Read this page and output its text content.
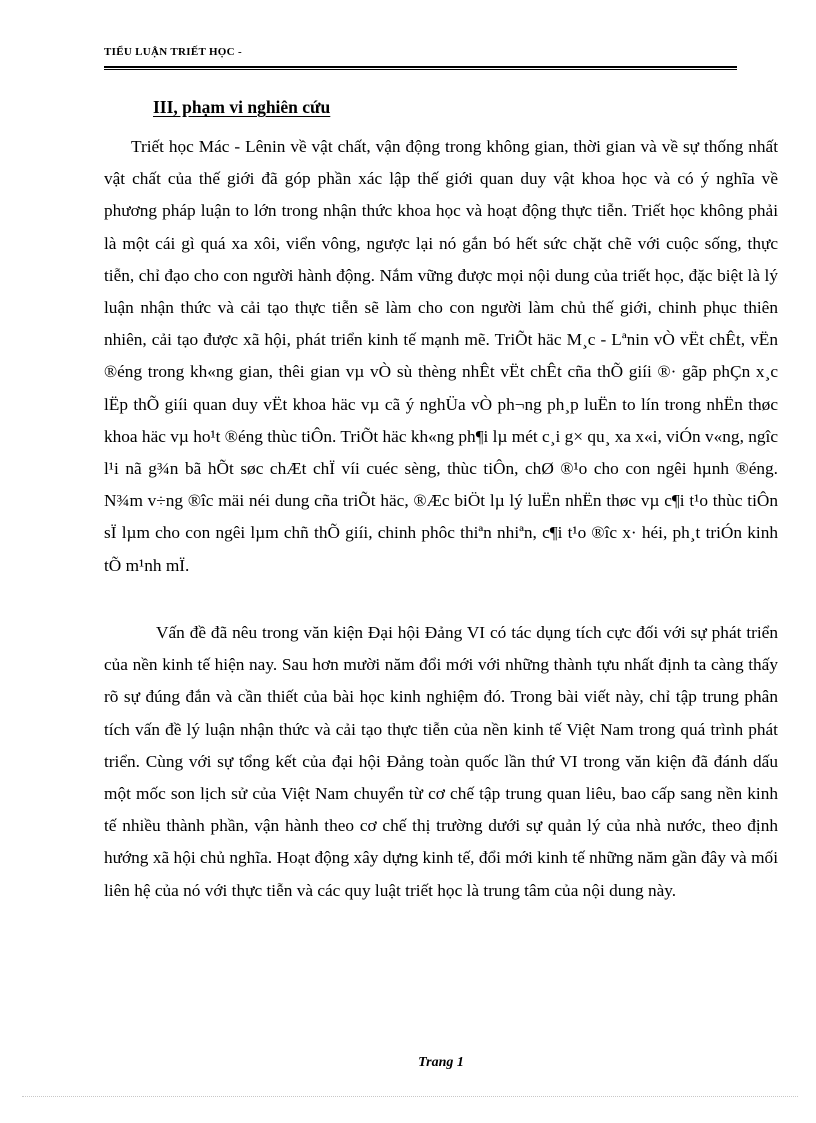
TIỂU LUẬN TRIẾT HỌC -
III, phạm vi nghiên cứu

Triết học Mác - Lênin về vật chất, vận động trong không gian, thời gian và về sự thống nhất vật chất của thế giới đã góp phần xác lập thế giới quan duy vật khoa học và có ý nghĩa về phương pháp luận to lớn trong nhận thức khoa học và hoạt động thực tiễn. Triết học không phải là một cái gì quá xa xôi, viển vông, ngược lại nó gắn bó hết sức chặt chẽ với cuộc sống, thực tiễn, chỉ đạo cho con người hành động. Nắm vững được mọi nội dung của triết học, đặc biệt là lý luận nhận thức và cải tạo thực tiễn sẽ làm cho con người làm chủ thế giới, chinh phục thiên nhiên, cải tạo được xã hội, phát triển kinh tế mạnh mẽ. TriÕt häc M¸c - Lªnin vÒ vËt chÊt, vËn ®éng trong kh«ng gian, thêi gian vµ vÒ sù thèng nhÊt vËt chÊt cña thÕ giíi ®· gãp phÇn x¸c lËp thÕ giíi quan duy vËt khoa häc vµ cã ý nghÜa vÒ ph¬ng ph¸p luËn to lín trong nhËn thøc khoa häc vµ ho¹t ®éng thùc tiÔn. TriÕt häc kh«ng ph¶i lµ mét c¸i g× qu¸ xa x«i, viÓn v«ng, ngîc l¹i nã g¾n bã hÕt søc chÆt chÏ víi cuéc sèng, thùc tiÔn, chØ ®¹o cho con ngêi hµnh ®éng. N¾m v÷ng ®îc mäi néi dung cña triÕt häc, ®Æc biÖt lµ lý luËn nhËn thøc vµ c¶i t¹o thùc tiÔn sÏ lµm cho con ngêi lµm chñ thÕ giíi, chinh phôc thiªn nhiªn, c¶i t¹o ®îc x· héi, ph¸t triÓn kinh tÕ m¹nh mÏ.

Vấn đề đã nêu trong văn kiện Đại hội Đảng VI có tác dụng tích cực đối với sự phát triển của nền kinh tế hiện nay. Sau hơn mười năm đổi mới với những thành tựu nhất định ta càng thấy rõ sự đúng đắn và cần thiết của bài học kinh nghiệm đó. Trong bài viết này, chỉ tập trung phân tích vấn đề lý luận nhận thức và cải tạo thực tiễn của nền kinh tế Việt Nam trong quá trình phát triển. Cùng với sự tổng kết của đại hội Đảng toàn quốc lần thứ VI trong văn kiện đã đánh dấu một mốc son lịch sử của Việt Nam chuyển từ cơ chế tập trung quan liêu, bao cấp sang nền kinh tế nhiều thành phần, vận hành theo cơ chế thị trường dưới sự quản lý của nhà nước, theo định hướng xã hội chủ nghĩa. Hoạt động xây dựng kinh tế, đổi mới kinh tế những năm gần đây và mối liên hệ của nó với thực tiễn và các quy luật triết học là trung tâm của nội dung này.

Trang 1
